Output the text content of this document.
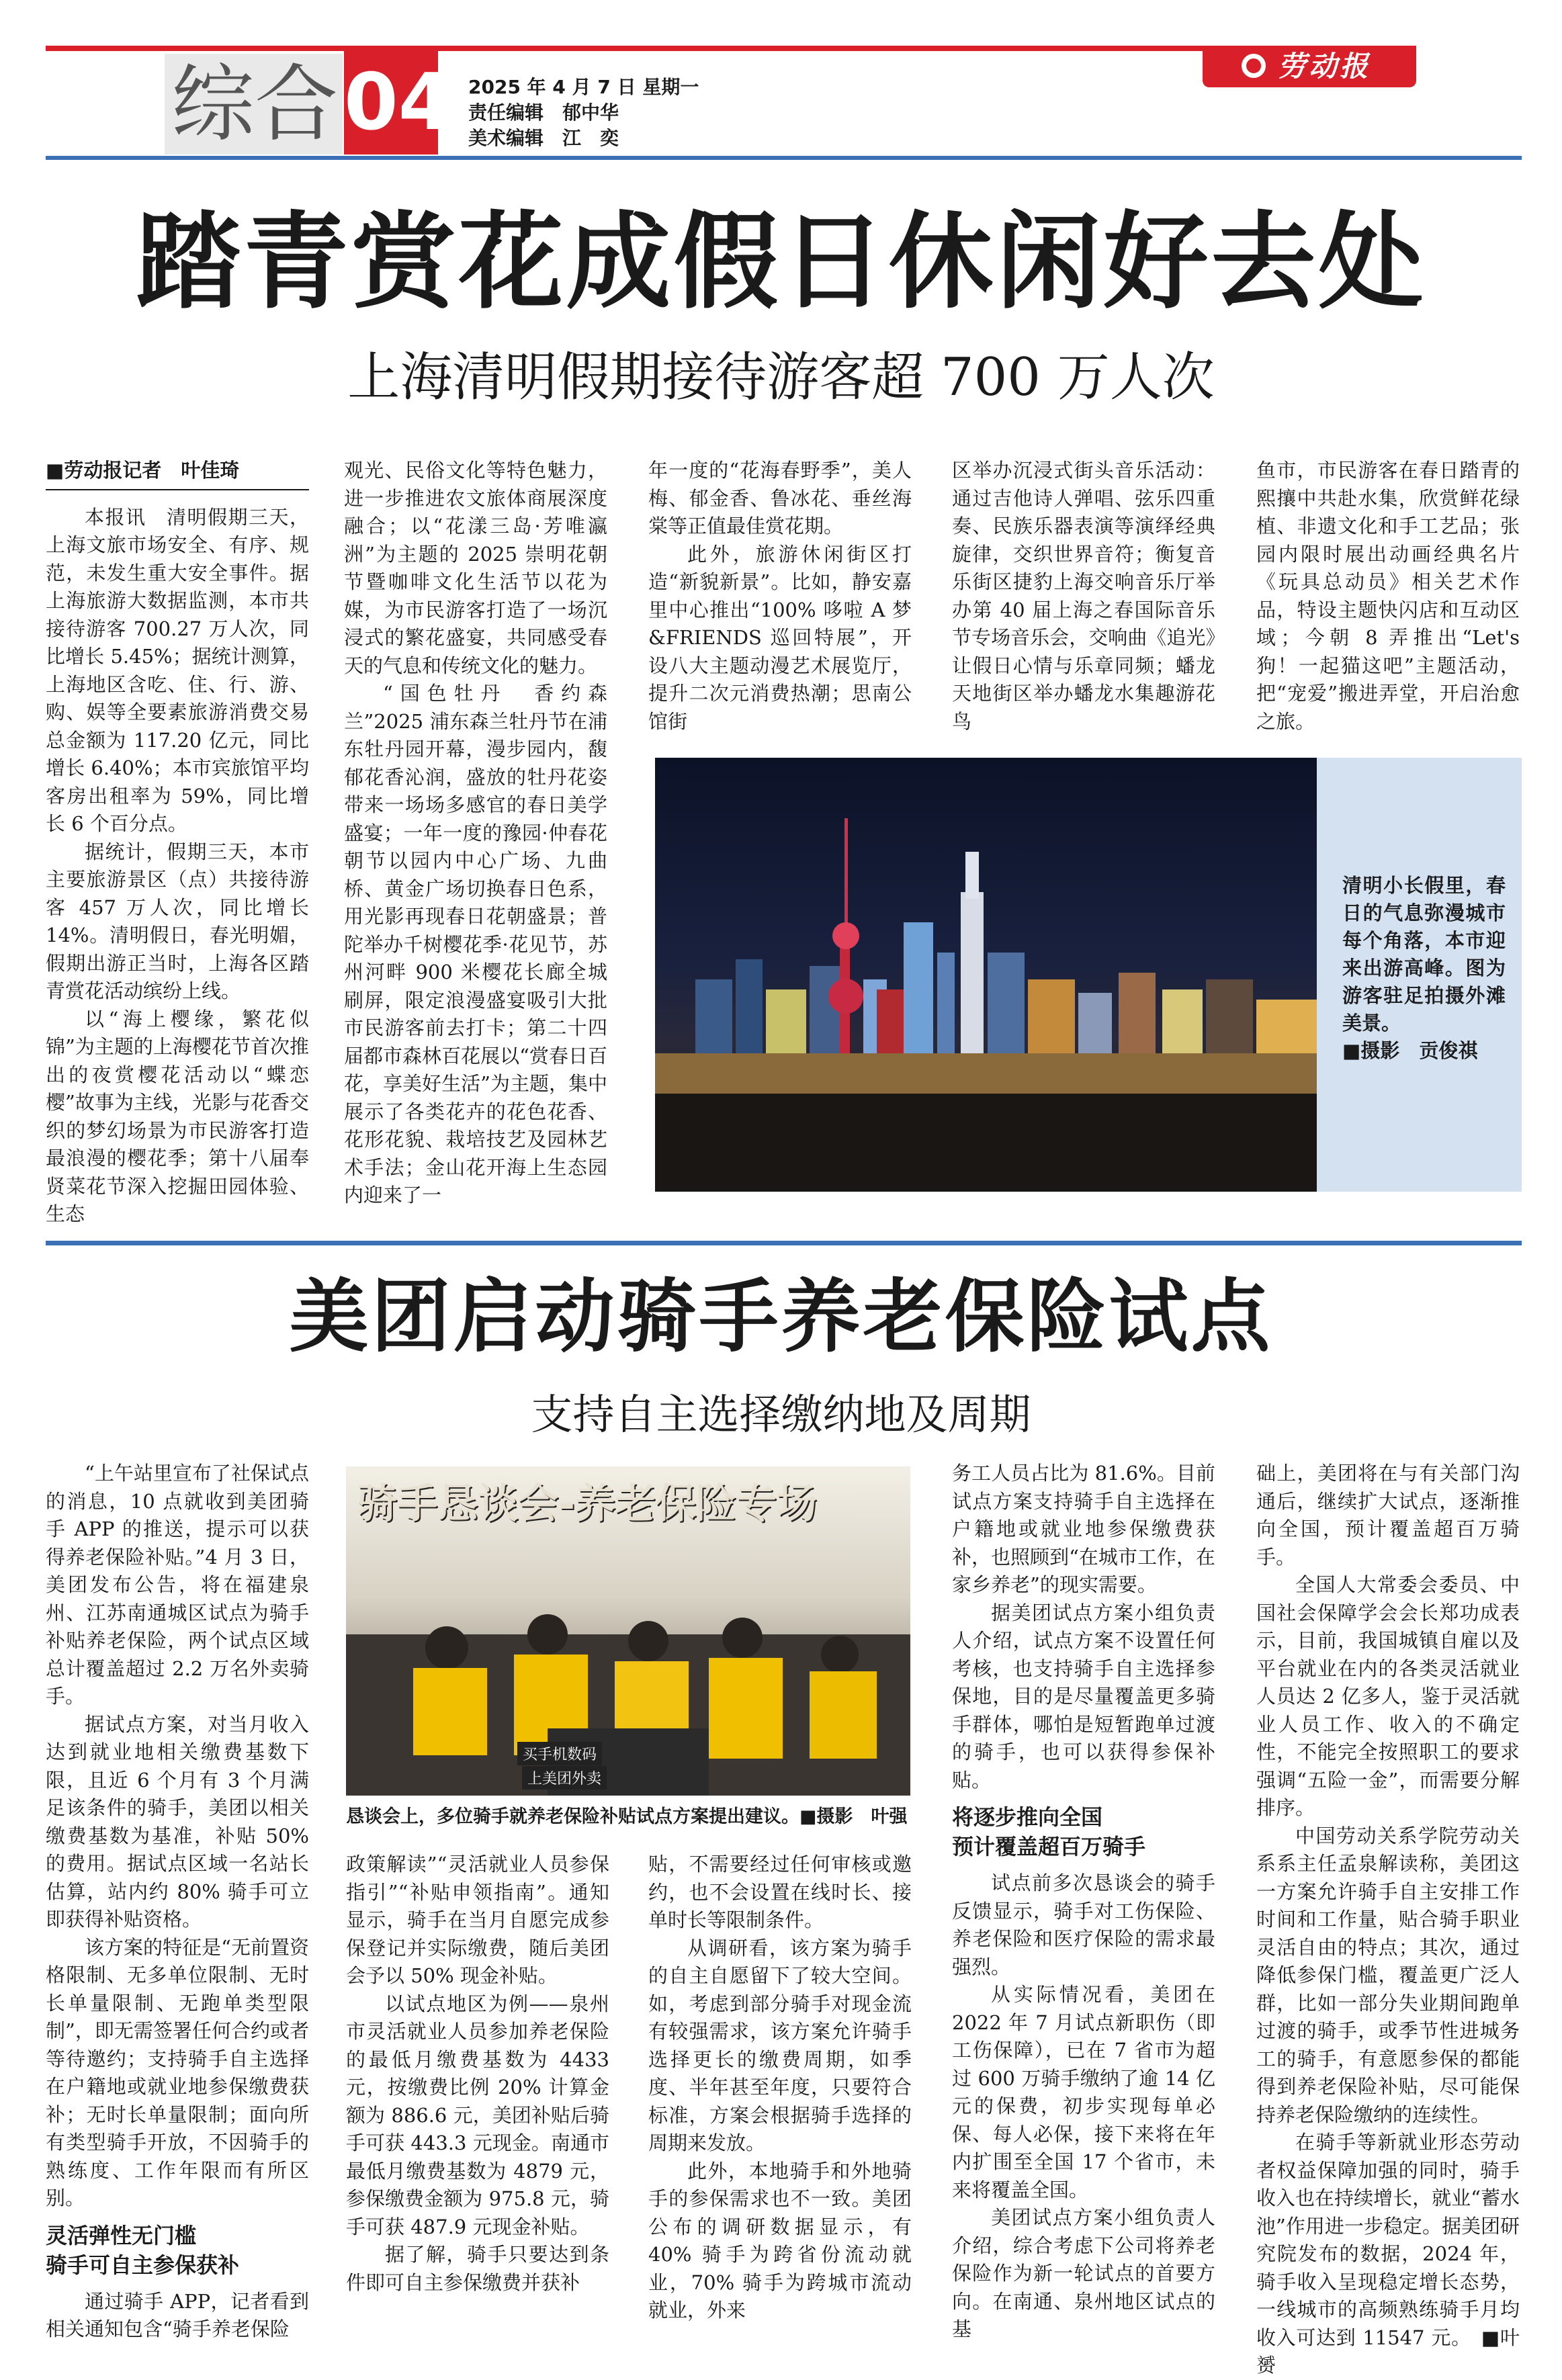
综合 04 2025 年 4 月 7 日 星期一
责任编辑　郁中华
美术编辑　江　奕
劳动报
踏青赏花成假日休闲好去处
上海清明假期接待游客超 700 万人次

■劳动报记者　叶佳琦

本报讯　清明假期三天，上海文旅市场安全、有序、规范，未发生重大安全事件。据上海旅游大数据监测，本市共接待游客 700.27 万人次，同比增长 5.45%；据统计测算，上海地区含吃、住、行、游、购、娱等全要素旅游消费交易总金额为 117.20 亿元，同比增长 6.40%；本市宾旅馆平均客房出租率为 59%，同比增长 6 个百分点。

据统计，假期三天，本市主要旅游景区（点）共接待游客 457 万人次，同比增长 14%。清明假日，春光明媚，假期出游正当时，上海各区踏青赏花活动缤纷上线。

以“海上樱缘，繁花似锦”为主题的上海樱花节首次推出的夜赏樱花活动以“蝶恋樱”故事为主线，光影与花香交织的梦幻场景为市民游客打造最浪漫的樱花季；第十八届奉贤菜花节深入挖掘田园体验、生态

观光、民俗文化等特色魅力，进一步推进农文旅体商展深度融合；以“花漾三岛·芳唯瀛洲”为主题的 2025 崇明花朝节暨咖啡文化生活节以花为媒，为市民游客打造了一场沉浸式的繁花盛宴，共同感受春天的气息和传统文化的魅力。

“国色牡丹　香约森兰”2025 浦东森兰牡丹节在浦东牡丹园开幕，漫步园内，馥郁花香沁润，盛放的牡丹花姿带来一场场多感官的春日美学盛宴；一年一度的豫园·仲春花朝节以园内中心广场、九曲桥、黄金广场切换春日色系，用光影再现春日花朝盛景；普陀举办千树樱花季·花见节，苏州河畔 900 米樱花长廊全城刷屏，限定浪漫盛宴吸引大批市民游客前去打卡；第二十四届都市森林百花展以“赏春日百花，享美好生活”为主题，集中展示了各类花卉的花色花香、花形花貌、栽培技艺及园林艺术手法；金山花开海上生态园内迎来了一

年一度的“花海春野季”，美人梅、郁金香、鲁冰花、垂丝海棠等正值最佳赏花期。

此外，旅游休闲街区打造“新貌新景”。比如，静安嘉里中心推出“100% 哆啦 A 梦 &FRIENDS 巡回特展”，开设八大主题动漫艺术展览厅，提升二次元消费热潮；思南公馆街

区举办沉浸式街头音乐活动：通过吉他诗人弹唱、弦乐四重奏、民族乐器表演等演绎经典旋律，交织世界音符；衡复音乐街区捷豹上海交响音乐厅举办第 40 届上海之春国际音乐节专场音乐会，交响曲《追光》让假日心情与乐章同频；蟠龙天地街区举办蟠龙水集趣游花鸟

鱼市，市民游客在春日踏青的熙攘中共赴水集，欣赏鲜花绿植、非遗文化和手工艺品；张园内限时展出动画经典名片《玩具总动员》相关艺术作品，特设主题快闪店和互动区域；今朝 8 弄推出“Let's 狗！一起猫这吧”主题活动，把“宠爱”搬进弄堂，开启治愈之旅。

清明小长假里，春日的气息弥漫城市每个角落，本市迎来出游高峰。图为游客驻足拍摄外滩美景。

■摄影　贡俊祺

美团启动骑手养老保险试点
支持自主选择缴纳地及周期

“上午站里宣布了社保试点的消息，10 点就收到美团骑手 APP 的推送，提示可以获得养老保险补贴。”4 月 3 日，美团发布公告，将在福建泉州、江苏南通城区试点为骑手补贴养老保险，两个试点区域总计覆盖超过 2.2 万名外卖骑手。

据试点方案，对当月收入达到就业地相关缴费基数下限，且近 6 个月有 3 个月满足该条件的骑手，美团以相关缴费基数为基准，补贴 50% 的费用。据试点区域一名站长估算，站内约 80% 骑手可立即获得补贴资格。

该方案的特征是“无前置资格限制、无多单位限制、无时长单量限制、无跑单类型限制”，即无需签署任何合约或者等待邀约；支持骑手自主选择在户籍地或就业地参保缴费获补；无时长单量限制；面向所有类型骑手开放，不因骑手的熟练度、工作年限而有所区别。

灵活弹性无门槛
骑手可自主参保获补

通过骑手 APP，记者看到相关通知包含“骑手养老保险

骑手恳谈会-养老保险专场
买手机数码
上美团外卖

恳谈会上，多位骑手就养老保险补贴试点方案提出建议。■摄影　叶强

政策解读”“灵活就业人员参保指引”“补贴申领指南”。通知显示，骑手在当月自愿完成参保登记并实际缴费，随后美团会予以 50% 现金补贴。

以试点地区为例——泉州市灵活就业人员参加养老保险的最低月缴费基数为 4433 元，按缴费比例 20% 计算金额为 886.6 元，美团补贴后骑手可获 443.3 元现金。南通市最低月缴费基数为 4879 元，参保缴费金额为 975.8 元，骑手可获 487.9 元现金补贴。

据了解，骑手只要达到条件即可自主参保缴费并获补

贴，不需要经过任何审核或邀约，也不会设置在线时长、接单时长等限制条件。

从调研看，该方案为骑手的自主自愿留下了较大空间。如，考虑到部分骑手对现金流有较强需求，该方案允许骑手选择更长的缴费周期，如季度、半年甚至年度，只要符合标准，方案会根据骑手选择的周期来发放。

此外，本地骑手和外地骑手的参保需求也不一致。美团公布的调研数据显示，有 40% 骑手为跨省份流动就业，70% 骑手为跨城市流动就业，外来

务工人员占比为 81.6%。目前试点方案支持骑手自主选择在户籍地或就业地参保缴费获补，也照顾到“在城市工作，在家乡养老”的现实需要。

据美团试点方案小组负责人介绍，试点方案不设置任何考核，也支持骑手自主选择参保地，目的是尽量覆盖更多骑手群体，哪怕是短暂跑单过渡的骑手，也可以获得参保补贴。

将逐步推向全国
预计覆盖超百万骑手

试点前多次恳谈会的骑手反馈显示，骑手对工伤保险、养老保险和医疗保险的需求最强烈。

从实际情况看，美团在 2022 年 7 月试点新职伤（即工伤保障），已在 7 省市为超过 600 万骑手缴纳了逾 14 亿元的保费，初步实现每单必保、每人必保，接下来将在年内扩围至全国 17 个省市，未来将覆盖全国。

美团试点方案小组负责人介绍，综合考虑下公司将养老保险作为新一轮试点的首要方向。在南通、泉州地区试点的基

础上，美团将在与有关部门沟通后，继续扩大试点，逐渐推向全国，预计覆盖超百万骑手。

全国人大常委会委员、中国社会保障学会会长郑功成表示，目前，我国城镇自雇以及平台就业在内的各类灵活就业人员达 2 亿多人，鉴于灵活就业人员工作、收入的不确定性，不能完全按照职工的要求强调“五险一金”，而需要分解排序。

中国劳动关系学院劳动关系系主任孟泉解读称，美团这一方案允许骑手自主安排工作时间和工作量，贴合骑手职业灵活自由的特点；其次，通过降低参保门槛，覆盖更广泛人群，比如一部分失业期间跑单过渡的骑手，或季节性进城务工的骑手，有意愿参保的都能得到养老保险补贴，尽可能保持养老保险缴纳的连续性。

在骑手等新就业形态劳动者权益保障加强的同时，骑手收入也在持续增长，就业“蓄水池”作用进一步稳定。据美团研究院发布的数据，2024 年，骑手收入呈现稳定增长态势，一线城市的高频熟练骑手月均收入可达到 11547 元。　■叶赟
